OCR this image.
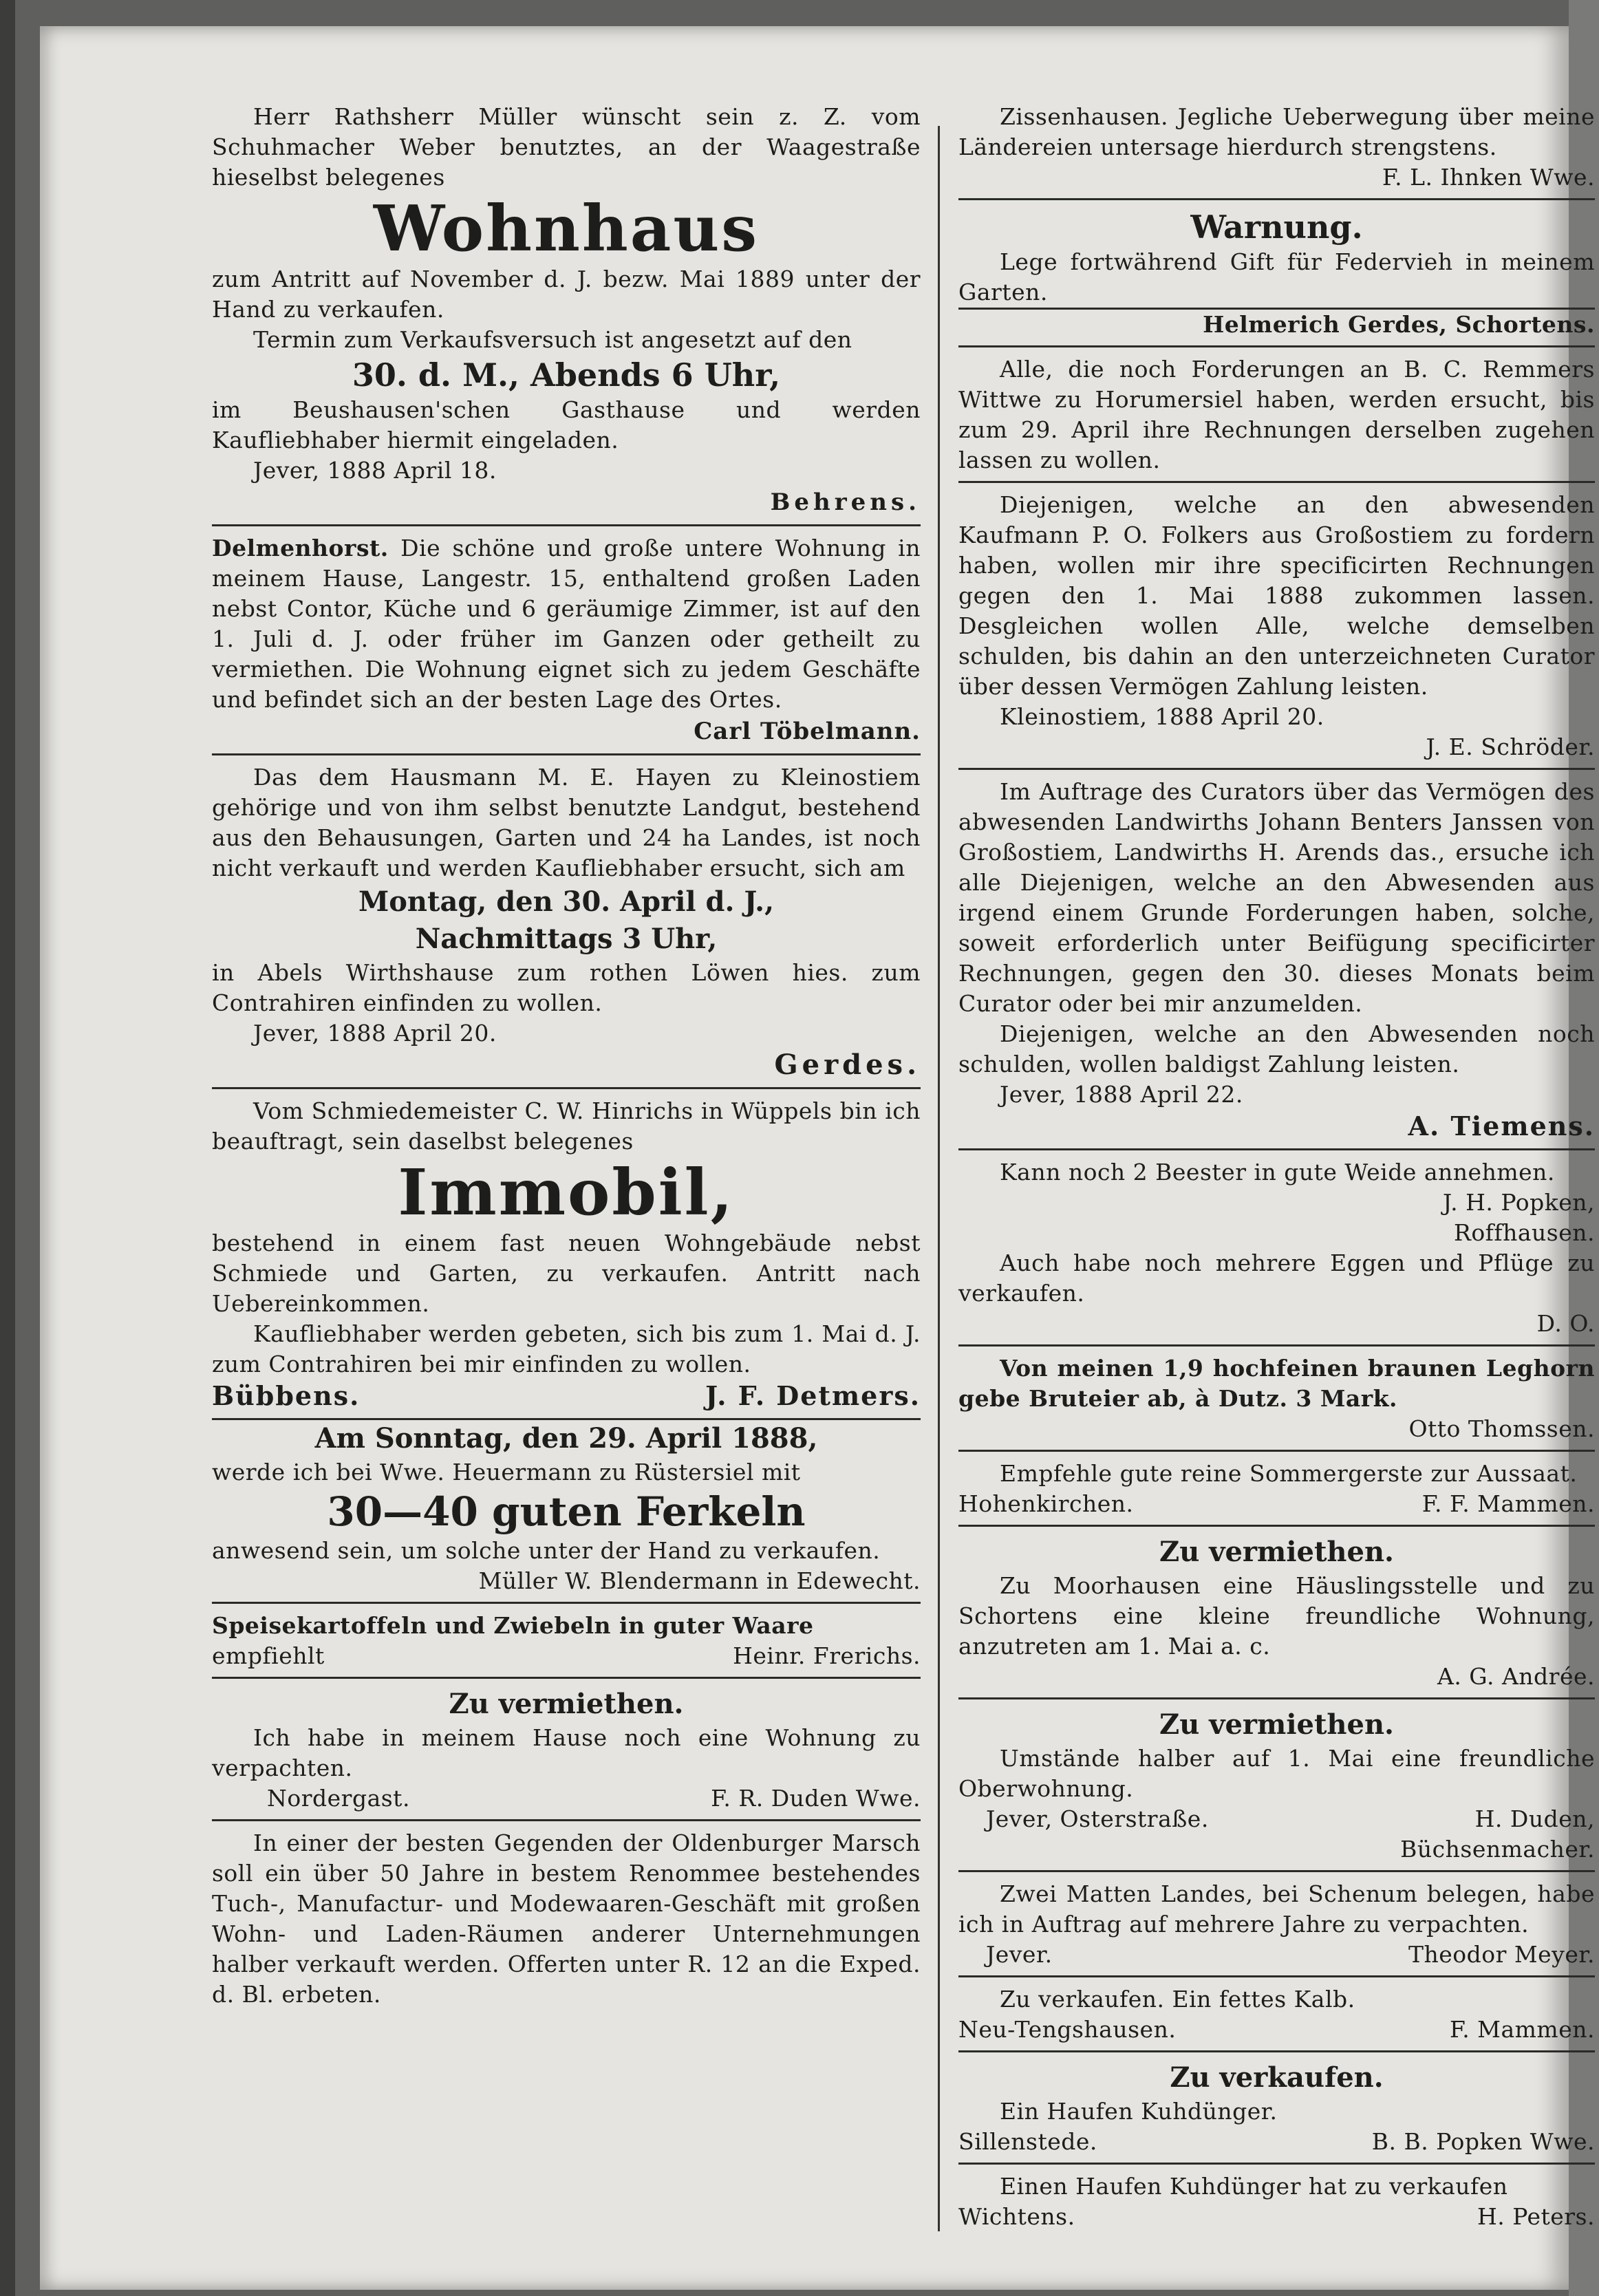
Herr Rathsherr Müller wünscht sein z. Z. vom Schuhmacher Weber benutztes, an der Waagestraße hieselbst belegenes

Wohnhaus

zum Antritt auf November d. J. bezw. Mai 1889 unter der Hand zu verkaufen.

Termin zum Verkaufsversuch ist angesetzt auf den

30. d. M., Abends 6 Uhr,

im Beushausen'schen Gasthause und werden Kaufliebhaber hiermit eingeladen.

Jever, 1888 April 18.

Behrens.

Delmenhorst. Die schöne und große untere Wohnung in meinem Hause, Langestr. 15, enthaltend großen Laden nebst Contor, Küche und 6 geräumige Zimmer, ist auf den 1. Juli d. J. oder früher im Ganzen oder getheilt zu vermiethen. Die Wohnung eignet sich zu jedem Geschäfte und befindet sich an der besten Lage des Ortes.

Carl Töbelmann.

Das dem Hausmann M. E. Hayen zu Kleinostiem gehörige und von ihm selbst benutzte Landgut, bestehend aus den Behausungen, Garten und 24 ha Landes, ist noch nicht verkauft und werden Kaufliebhaber ersucht, sich am

Montag, den 30. April d. J.,

Nachmittags 3 Uhr,

in Abels Wirthshause zum rothen Löwen hies. zum Contrahiren einfinden zu wollen.

Jever, 1888 April 20.

Gerdes.

Vom Schmiedemeister C. W. Hinrichs in Wüppels bin ich beauftragt, sein daselbst belegenes

Immobil,

bestehend in einem fast neuen Wohngebäude nebst Schmiede und Garten, zu verkaufen. Antritt nach Uebereinkommen.

Kaufliebhaber werden gebeten, sich bis zum 1. Mai d. J. zum Contrahiren bei mir einfinden zu wollen.

Bübbens.	J. F. Detmers.

Am Sonntag, den 29. April 1888,

werde ich bei Wwe. Heuermann zu Rüstersiel mit

30—40 guten Ferkeln

anwesend sein, um solche unter der Hand zu verkaufen.

Müller W. Blendermann in Edewecht.

Speisekartoffeln und Zwiebeln in guter Waare

empfiehlt	Heinr. Frerichs.

Zu vermiethen.

Ich habe in meinem Hause noch eine Wohnung zu verpachten.

Nordergast.	F. R. Duden Wwe.

In einer der besten Gegenden der Oldenburger Marsch soll ein über 50 Jahre in bestem Renommee bestehendes Tuch-, Manufactur- und Modewaaren-Geschäft mit großen Wohn- und Laden-Räumen anderer Unternehmungen halber verkauft werden. Offerten unter R. 12 an die Exped. d. Bl. erbeten.

Zissenhausen. Jegliche Ueberwegung über meine Ländereien untersage hierdurch strengstens.

F. L. Ihnken Wwe.

Warnung.

Lege fortwährend Gift für Federvieh in meinem Garten.

Helmerich Gerdes, Schortens.

Alle, die noch Forderungen an B. C. Remmers Wittwe zu Horumersiel haben, werden ersucht, bis zum 29. April ihre Rechnungen derselben zugehen lassen zu wollen.

Diejenigen, welche an den abwesenden Kaufmann P. O. Folkers aus Großostiem zu fordern haben, wollen mir ihre specificirten Rechnungen gegen den 1. Mai 1888 zukommen lassen. Desgleichen wollen Alle, welche demselben schulden, bis dahin an den unterzeichneten Curator über dessen Vermögen Zahlung leisten.

Kleinostiem, 1888 April 20.

J. E. Schröder.

Im Auftrage des Curators über das Vermögen des abwesenden Landwirths Johann Benters Janssen von Großostiem, Landwirths H. Arends das., ersuche ich alle Diejenigen, welche an den Abwesenden aus irgend einem Grunde Forderungen haben, solche, soweit erforderlich unter Beifügung specificirter Rechnungen, gegen den 30. dieses Monats beim Curator oder bei mir anzumelden.

Diejenigen, welche an den Abwesenden noch schulden, wollen baldigst Zahlung leisten.

Jever, 1888 April 22.

A. Tiemens.

Kann noch 2 Beester in gute Weide annehmen.

J. H. Popken,

Roffhausen.

Auch habe noch mehrere Eggen und Pflüge zu verkaufen.

D. O.

Von meinen 1,9 hochfeinen braunen Leghorn gebe Bruteier ab, à Dutz. 3 Mark.

Otto Thomssen.

Empfehle gute reine Sommergerste zur Aussaat.

Hohenkirchen.	F. F. Mammen.

Zu vermiethen.

Zu Moorhausen eine Häuslingsstelle und zu Schortens eine kleine freundliche Wohnung, anzutreten am 1. Mai a. c.

A. G. Andrée.

Zu vermiethen.

Umstände halber auf 1. Mai eine freundliche Oberwohnung.

Jever, Osterstraße.	H. Duden,

Büchsenmacher.

Zwei Matten Landes, bei Schenum belegen, habe ich in Auftrag auf mehrere Jahre zu verpachten.

Jever.	Theodor Meyer.

Zu verkaufen. Ein fettes Kalb.

Neu-Tengshausen.	F. Mammen.

Zu verkaufen.

Ein Haufen Kuhdünger.

Sillenstede.	B. B. Popken Wwe.

Einen Haufen Kuhdünger hat zu verkaufen

Wichtens.	H. Peters.
